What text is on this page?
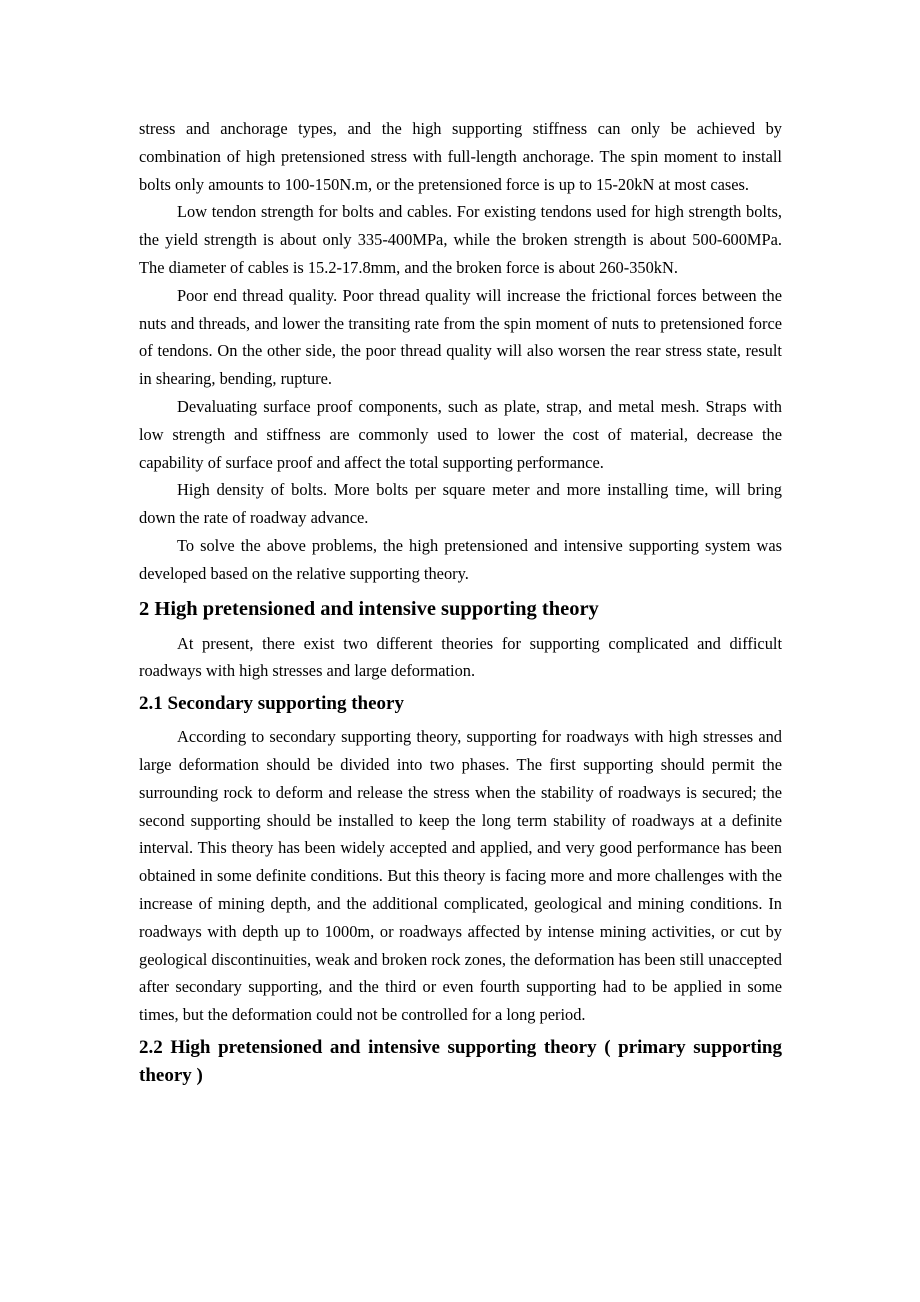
stress and anchorage types, and the high supporting stiffness can only be achieved by combination of high pretensioned stress with full-length anchorage. The spin moment to install bolts only amounts to 100-150N.m, or the pretensioned force is up to 15-20kN at most cases.

Low tendon strength for bolts and cables. For existing tendons used for high strength bolts, the yield strength is about only 335-400MPa, while the broken strength is about 500-600MPa. The diameter of cables is 15.2-17.8mm, and the broken force is about 260-350kN.

Poor end thread quality. Poor thread quality will increase the frictional forces between the nuts and threads, and lower the transiting rate from the spin moment of nuts to pretensioned force of tendons. On the other side, the poor thread quality will also worsen the rear stress state, result in shearing, bending, rupture.

Devaluating surface proof components, such as plate, strap, and metal mesh. Straps with low strength and stiffness are commonly used to lower the cost of material, decrease the capability of surface proof and affect the total supporting performance.

High density of bolts. More bolts per square meter and more installing time, will bring down the rate of roadway advance.

To solve the above problems, the high pretensioned and intensive supporting system was developed based on the relative supporting theory.

2 High pretensioned and intensive supporting theory

At present, there exist two different theories for supporting complicated and difficult roadways with high stresses and large deformation.

2.1 Secondary supporting theory

According to secondary supporting theory, supporting for roadways with high stresses and large deformation should be divided into two phases. The first supporting should permit the surrounding rock to deform and release the stress when the stability of roadways is secured; the second supporting should be installed to keep the long term stability of roadways at a definite interval. This theory has been widely accepted and applied, and very good performance has been obtained in some definite conditions. But this theory is facing more and more challenges with the increase of mining depth, and the additional complicated, geological and mining conditions. In roadways with depth up to 1000m, or roadways affected by intense mining activities, or cut by geological discontinuities, weak and broken rock zones, the deformation has been still unaccepted after secondary supporting, and the third or even fourth supporting had to be applied in some times, but the deformation could not be controlled for a long period.

2.2 High pretensioned and intensive supporting theory ( primary supporting theory )
